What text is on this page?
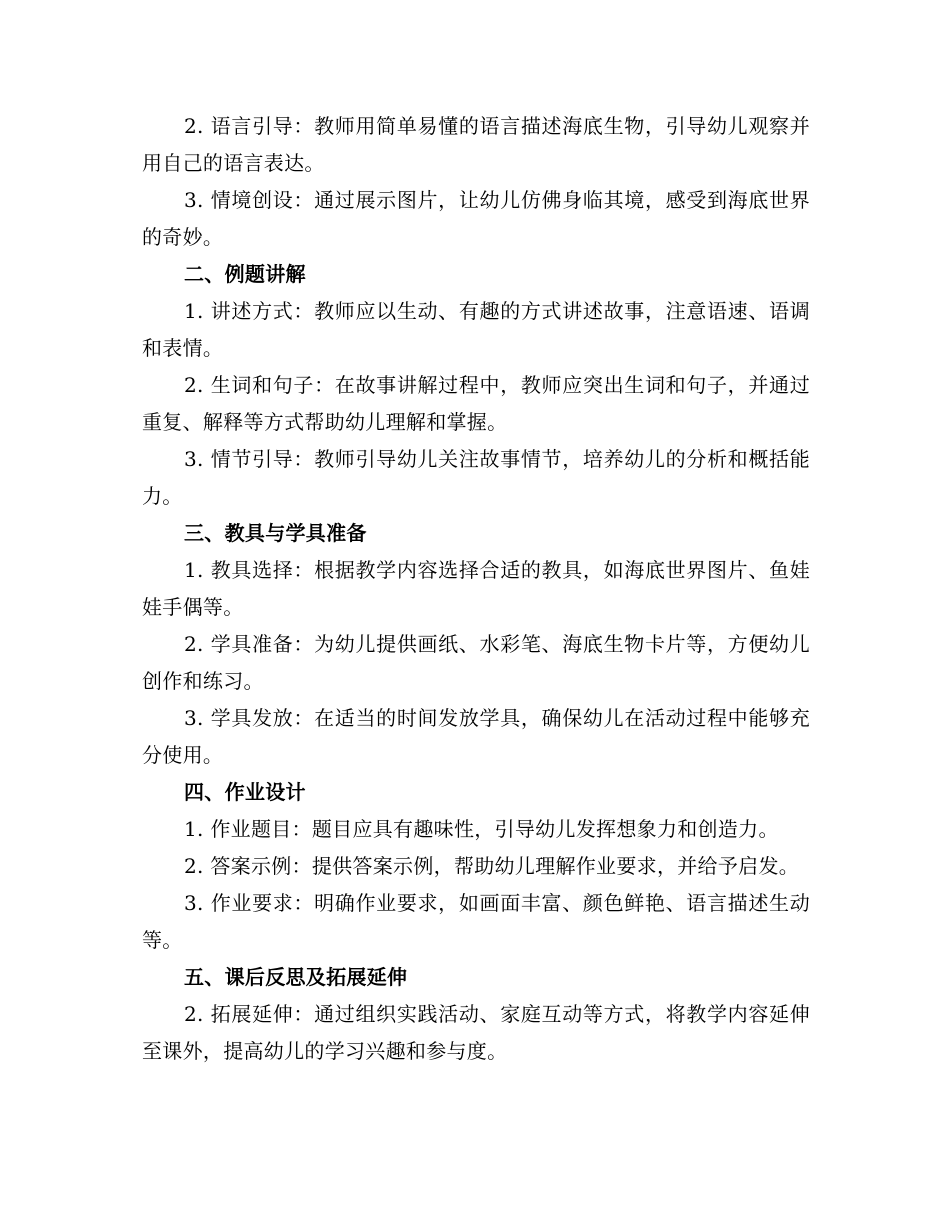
2. 语言引导：教师用简单易懂的语言描述海底生物，引导幼儿观察并用自己的语言表达。

3. 情境创设：通过展示图片，让幼儿仿佛身临其境，感受到海底世界的奇妙。

二、例题讲解

1. 讲述方式：教师应以生动、有趣的方式讲述故事，注意语速、语调和表情。

2. 生词和句子：在故事讲解过程中，教师应突出生词和句子，并通过重复、解释等方式帮助幼儿理解和掌握。

3. 情节引导：教师引导幼儿关注故事情节，培养幼儿的分析和概括能力。

三、教具与学具准备

1. 教具选择：根据教学内容选择合适的教具，如海底世界图片、鱼娃娃手偶等。

2. 学具准备：为幼儿提供画纸、水彩笔、海底生物卡片等，方便幼儿创作和练习。

3. 学具发放：在适当的时间发放学具，确保幼儿在活动过程中能够充分使用。

四、作业设计

1. 作业题目：题目应具有趣味性，引导幼儿发挥想象力和创造力。

2. 答案示例：提供答案示例，帮助幼儿理解作业要求，并给予启发。

3. 作业要求：明确作业要求，如画面丰富、颜色鲜艳、语言描述生动等。

五、课后反思及拓展延伸

2. 拓展延伸：通过组织实践活动、家庭互动等方式，将教学内容延伸至课外，提高幼儿的学习兴趣和参与度。
